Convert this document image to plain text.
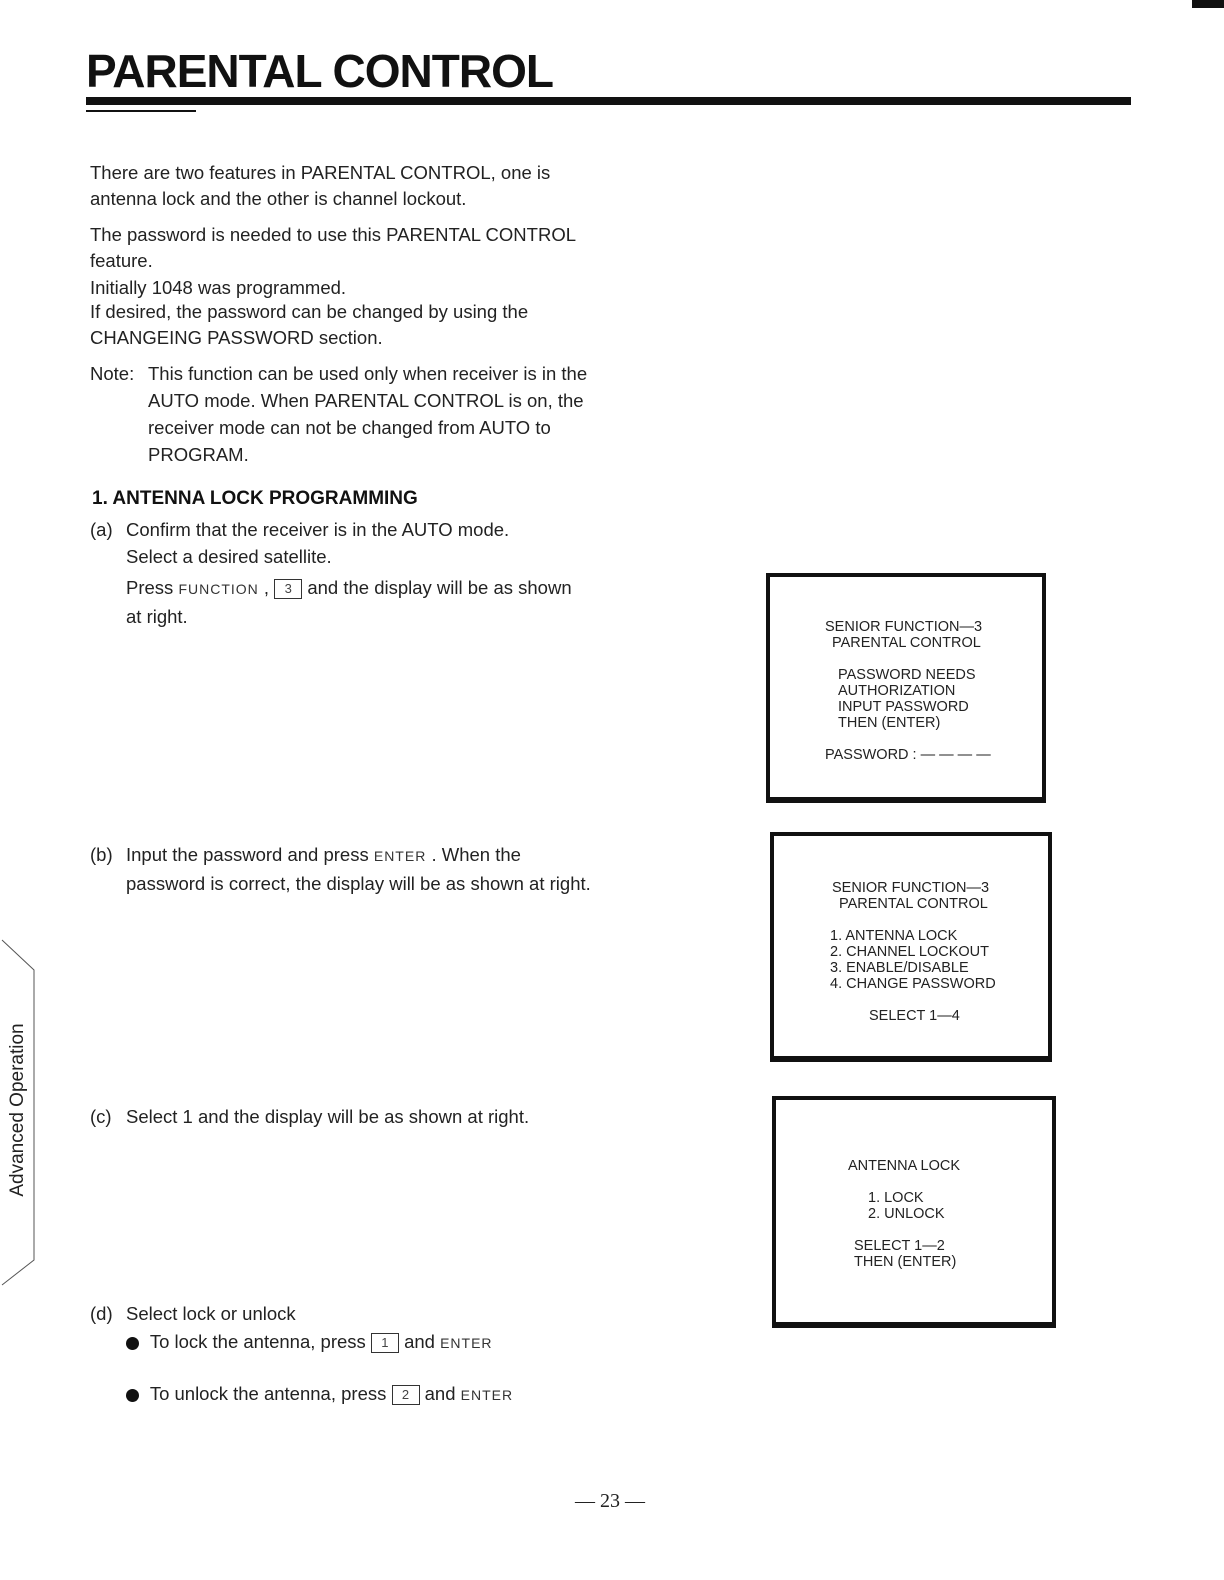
PARENTAL CONTROL

There are two features in PARENTAL CONTROL, one is antenna lock and the other is channel lockout.

The password is needed to use this PARENTAL CONTROL feature.

Initially 1048 was programmed.

If desired, the password can be changed by using the CHANGEING PASSWORD section.

Note: This function can be used only when receiver is in the AUTO mode. When PARENTAL CONTROL is on, the receiver mode can not be changed from AUTO to PROGRAM.
1. ANTENNA LOCK PROGRAMMING
(a) Confirm that the receiver is in the AUTO mode.
Select a desired satellite.
Press FUNCTION , 3 and the display will be as shown at right.
(b) Input the password and press ENTER . When the password is correct, the display will be as shown at right.
(c) Select 1 and the display will be as shown at right.
(d) Select lock or unlock
To lock the antenna, press 1 and ENTER
To unlock the antenna, press 2 and ENTER
SENIOR FUNCTION—3
PARENTAL CONTROL
PASSWORD NEEDS
AUTHORIZATION
INPUT PASSWORD
THEN (ENTER)
PASSWORD : — — — —
SENIOR FUNCTION—3
PARENTAL CONTROL
1. ANTENNA LOCK
2. CHANNEL LOCKOUT
3. ENABLE/DISABLE
4. CHANGE PASSWORD
SELECT 1—4
ANTENNA LOCK
1. LOCK
2. UNLOCK
SELECT 1—2
THEN (ENTER)
Advanced Operation
— 23 —
